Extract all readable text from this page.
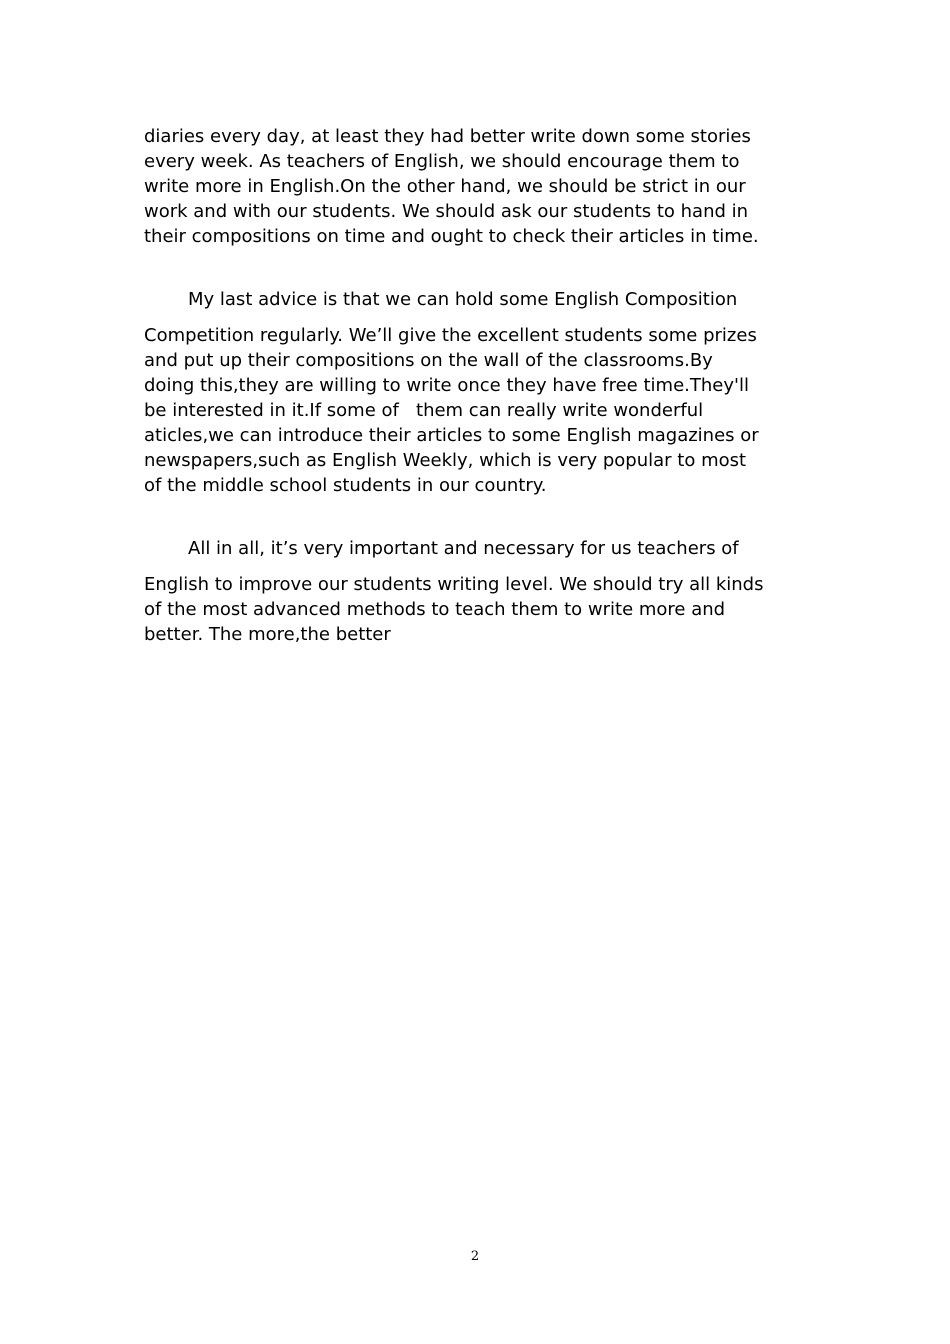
diaries every day, at least they had better write down some stories
every week. As teachers of English, we should encourage them to
write more in English.On the other hand, we should be strict in our
work and with our students. We should ask our students to hand in
their compositions on time and ought to check their articles in time.
My last advice is that we can hold some English Composition
Competition regularly. We’ll give the excellent students some prizes
and put up their compositions on the wall of the classrooms.By
doing this,they are willing to write once they have free time.They'll
be interested in it.If some of   them can really write wonderful
aticles,we can introduce their articles to some English magazines or
newspapers,such as English Weekly, which is very popular to most
of the middle school students in our country.
All in all, it’s very important and necessary for us teachers of
English to improve our students writing level. We should try all kinds
of the most advanced methods to teach them to write more and
better. The more,the better
2
